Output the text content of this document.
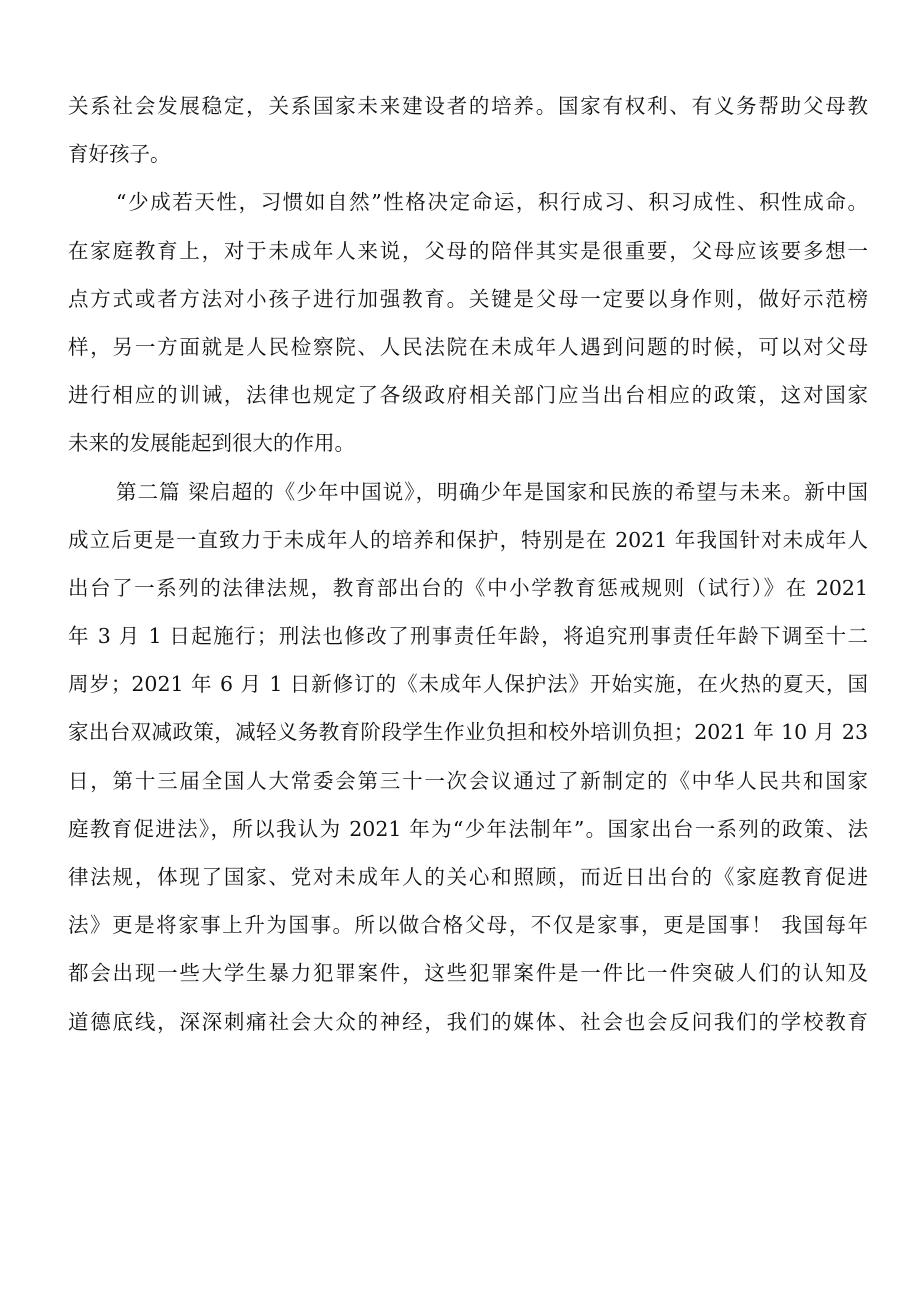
关系社会发展稳定，关系国家未来建设者的培养。国家有权利、有义务帮助父母教
育好孩子。
“少成若天性，习惯如自然”性格决定命运，积行成习、积习成性、积性成命。
在家庭教育上，对于未成年人来说，父母的陪伴其实是很重要，父母应该要多想一
点方式或者方法对小孩子进行加强教育。关键是父母一定要以身作则，做好示范榜
样，另一方面就是人民检察院、人民法院在未成年人遇到问题的时候，可以对父母
进行相应的训诫，法律也规定了各级政府相关部门应当出台相应的政策，这对国家
未来的发展能起到很大的作用。
第二篇 梁启超的《少年中国说》，明确少年是国家和民族的希望与未来。新中国
成立后更是一直致力于未成年人的培养和保护，特别是在 2021 年我国针对未成年人
出台了一系列的法律法规，教育部出台的《中小学教育惩戒规则（试行）》在 2021
年 3 月 1 日起施行；刑法也修改了刑事责任年龄，将追究刑事责任年龄下调至十二
周岁；2021 年 6 月 1 日新修订的《未成年人保护法》开始实施，在火热的夏天，国
家出台双减政策，减轻义务教育阶段学生作业负担和校外培训负担；2021 年 10 月 23
日，第十三届全国人大常委会第三十一次会议通过了新制定的《中华人民共和国家
庭教育促进法》，所以我认为 2021 年为“少年法制年”。国家出台一系列的政策、法
律法规，体现了国家、党对未成年人的关心和照顾，而近日出台的《家庭教育促进
法》更是将家事上升为国事。所以做合格父母，不仅是家事，更是国事！ 我国每年
都会出现一些大学生暴力犯罪案件，这些犯罪案件是一件比一件突破人们的认知及
道德底线，深深刺痛社会大众的神经，我们的媒体、社会也会反问我们的学校教育
